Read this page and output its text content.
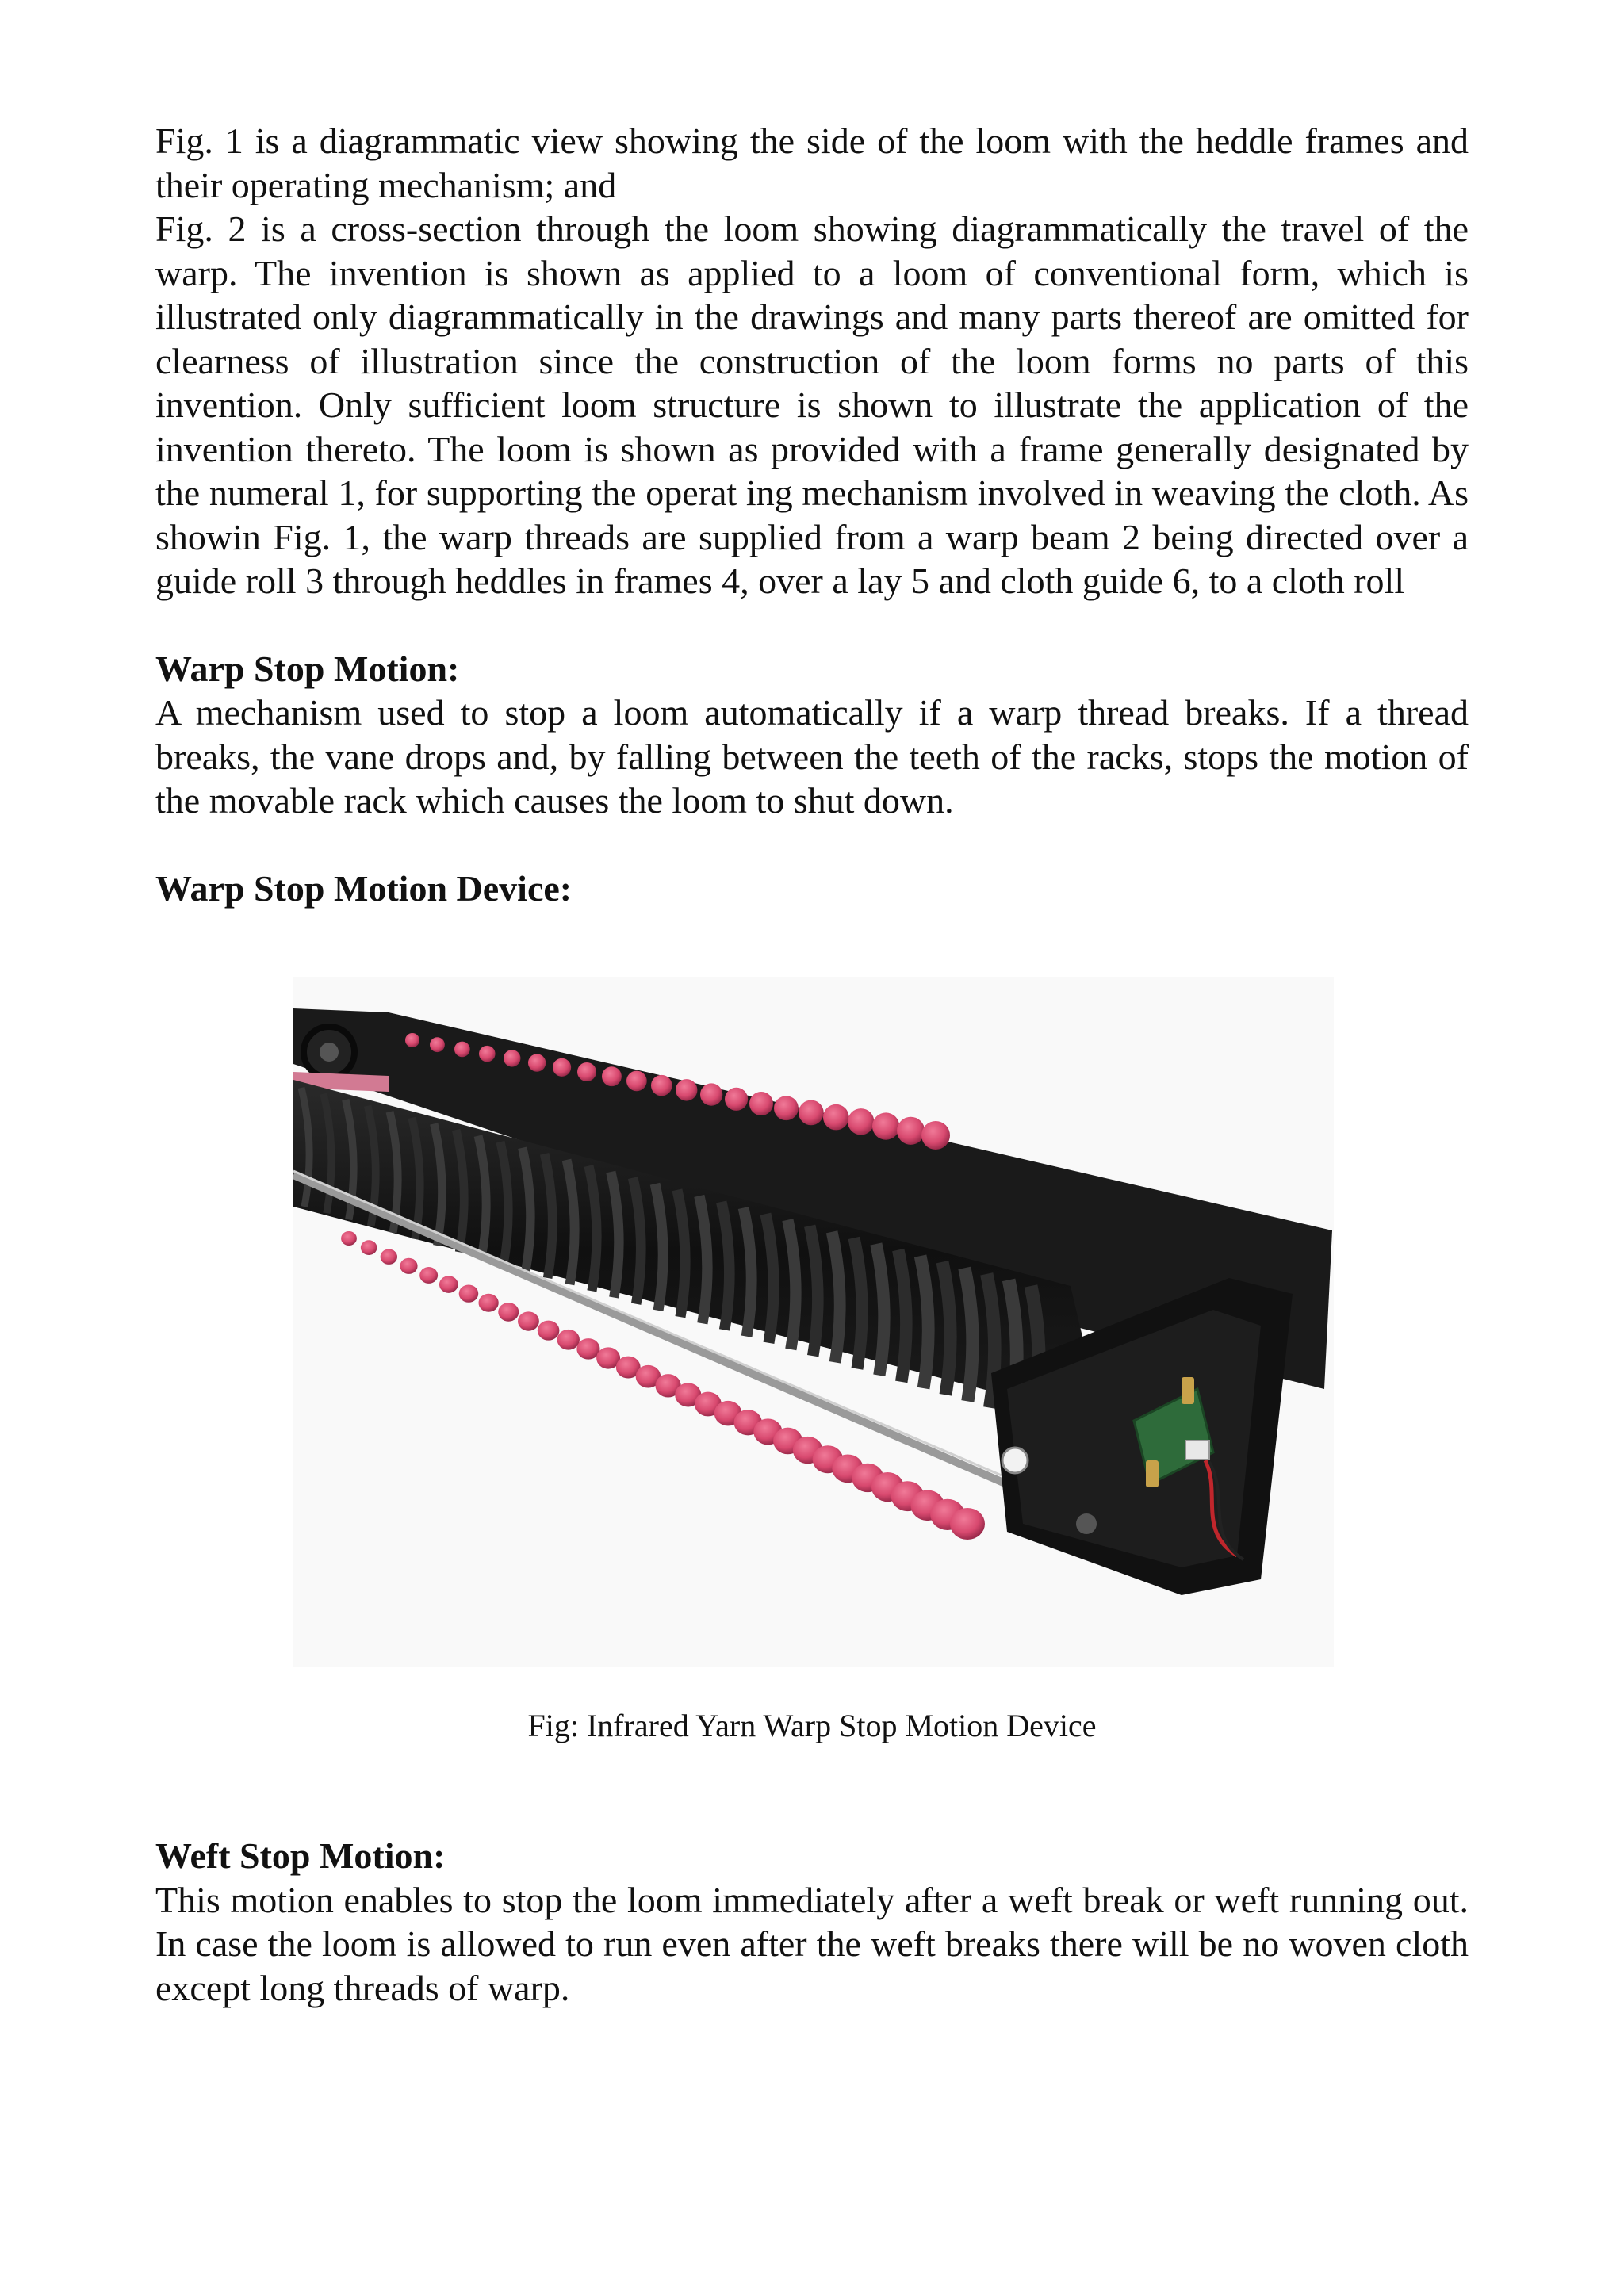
Fig. 1 is a diagrammatic view showing the side of the loom with the heddle frames and their operating mechanism; and

Fig. 2 is a cross-section through the loom showing diagrammatically the travel of the warp. The invention is shown as applied to a loom of conventional form, which is illustrated only diagrammatically in the drawings and many parts thereof are omitted for clearness of illustration since the construction of the loom forms no parts of this invention. Only sufficient loom structure is shown to illustrate the application of the invention thereto. The loom is shown as provided with a frame generally designated by the numeral 1, for supporting the operat ing mechanism involved in weaving the cloth. As showin Fig. 1, the warp threads are supplied from a warp beam 2 being directed over a guide roll 3 through heddles in frames 4, over a lay 5 and cloth guide 6, to a cloth roll

Warp Stop Motion:

A mechanism used to stop a loom automatically if a warp thread breaks. If a thread breaks, the vane drops and, by falling between the teeth of the racks, stops the motion of the movable rack which causes the loom to shut down.

Warp Stop Motion Device:

Fig: Infrared Yarn Warp Stop Motion Device

Weft Stop Motion:

This motion enables to stop the loom immediately after a weft break or weft running out. In case the loom is allowed to run even after the weft breaks there will be no woven cloth except long threads of warp.
